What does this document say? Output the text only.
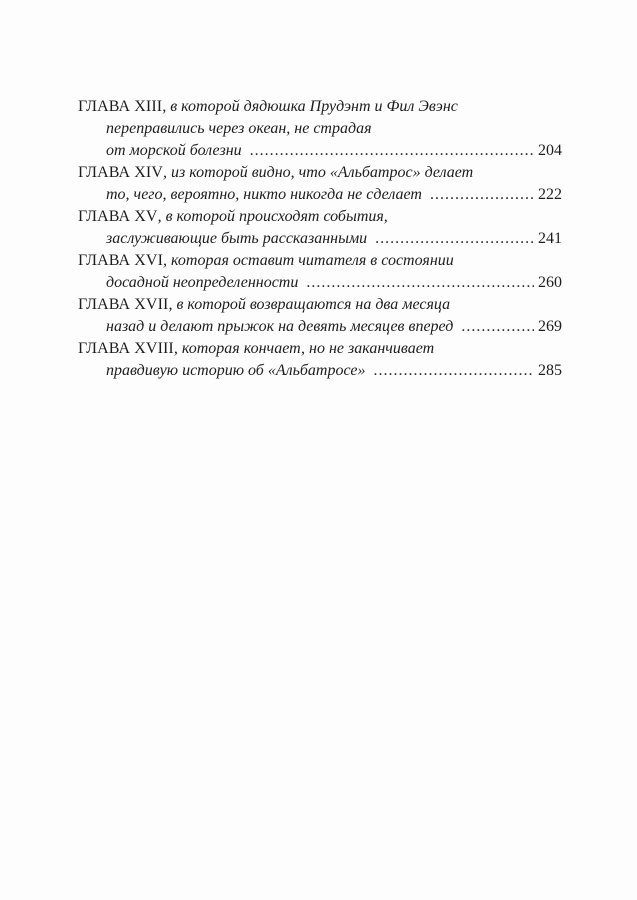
ГЛАВА XIII , в которой дядюшка Прудэнт и Фил Эвэнс
переправились через океан, не страдая
от морской болезни .....	204
ГЛАВА XIV , из которой видно, что «Альбатрос» делает
то, чего, вероятно, никто никогда не сделает .....	222
ГЛАВА XV , в которой происходят события,
заслуживающие быть рассказанными .....	241
ГЛАВА XVI , которая оставит читателя в состоянии
досадной неопределенности .....	260
ГЛАВА XVII , в которой возвращаются на два месяца
назад и делают прыжок на девять месяцев вперед .....	269
ГЛАВА XVIII , которая кончает, но не заканчивает
правдивую историю об «Альбатросе» .....	285
